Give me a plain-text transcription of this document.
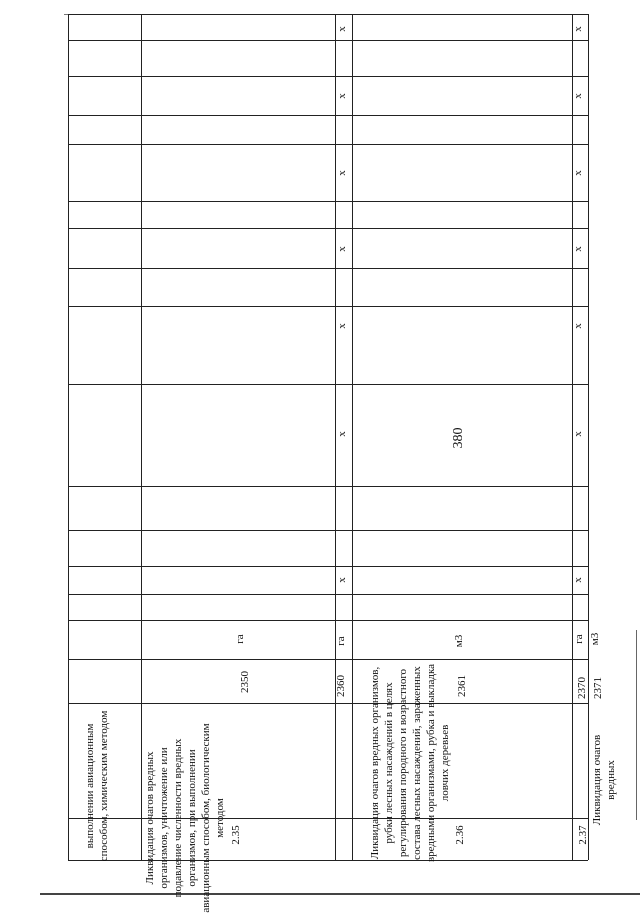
380
выполнении авиационным способом, химическим методом	Ликвидация очагов вредных организмов, уничтожение или подавление численности вредных организмов, при выполнении авиационным способом, биологическим методом
2350
га
2.35	Ликвидация очагов вредных организмов, рубки лесных насаждений в целях регулирования породного и возрастного состава лесных насаждений, зараженных вредными организмами, рубка и выкладка ловчих деревьев
2360
га
2.36
2361
м3
Ликвидация очагов вредных
2.37
2370
га
2371
м3
х
х
х
х
х
х
х
х
х
х
х
х
х
х
